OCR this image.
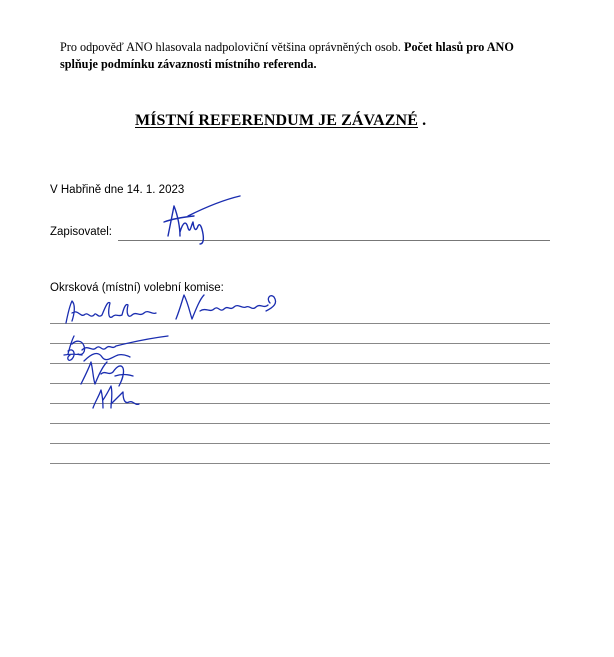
Pro odpověď ANO hlasovala nadpoloviční většina oprávněných osob. Počet hlasů pro ANO splňuje podmínku závaznosti místního referenda.
MÍSTNÍ REFERENDUM JE ZÁVAZNÉ .
V Habřině dne 14. 1. 2023
Zapisovatel:
Okrsková (místní) volební komise:
